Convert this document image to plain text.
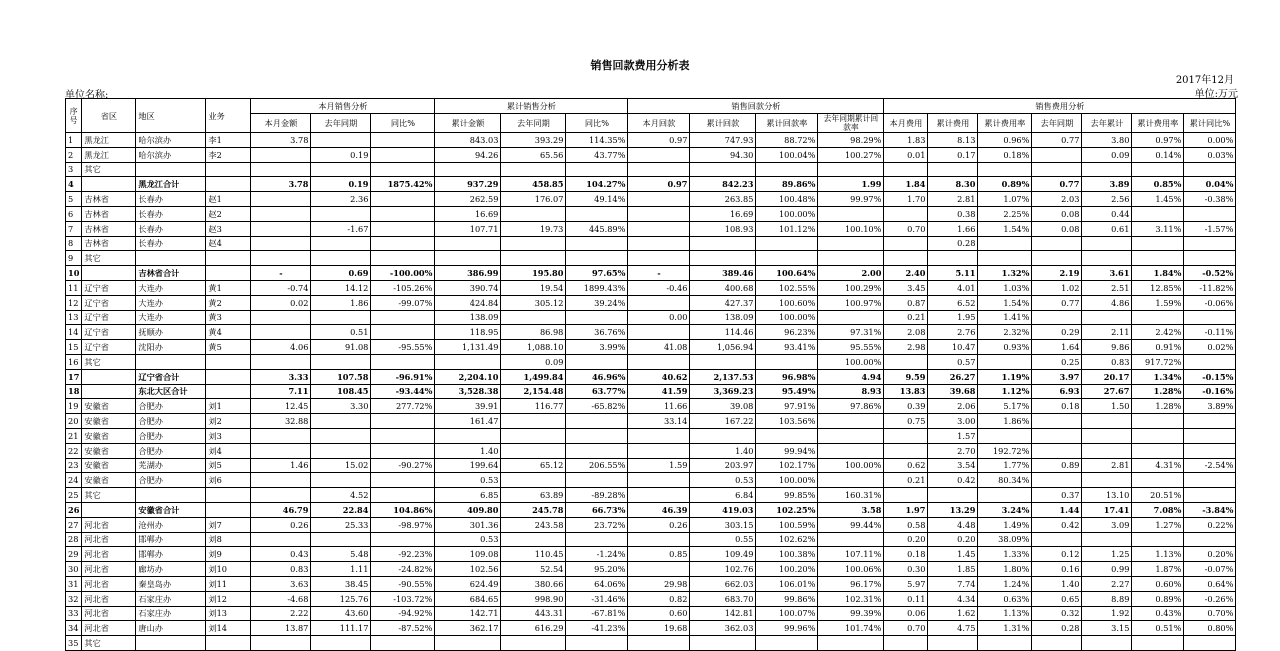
销售回款费用分析表
2017年12月
单位:万元
单位名称:
序号	省区	地区	业务	本月销售分析			累计销售分析			销售回款分析				销售费用分析						
				本月金额	去年同期	同比%	累计金额	去年同期	同比%	本月回款	累计回款	累计回款率	去年同期累计回款率	本月费用	累计费用	累计费用率	去年同期	去年累计	累计费用率	累计同比%
1	黑龙江	哈尔滨办	李1	3.78			843.03	393.29	114.35%	0.97	747.93	88.72%	98.29%	1.83	8.13	0.96%	0.77	3.80	0.97%	0.00%
2	黑龙江	哈尔滨办	李2		0.19		94.26	65.56	43.77%		94.30	100.04%	100.27%	0.01	0.17	0.18%		0.09	0.14%	0.03%
3	其它																			
4		黑龙江合计		3.78	0.19	1875.42%	937.29	458.85	104.27%	0.97	842.23	89.86%	1.99	1.84	8.30	0.89%	0.77	3.89	0.85%	0.04%
5	吉林省	长春办	赵1		2.36		262.59	176.07	49.14%		263.85	100.48%	99.97%	1.70	2.81	1.07%	2.03	2.56	1.45%	-0.38%
6	吉林省	长春办	赵2				16.69				16.69	100.00%			0.38	2.25%	0.08	0.44		
7	吉林省	长春办	赵3		-1.67		107.71	19.73	445.89%		108.93	101.12%	100.10%	0.70	1.66	1.54%	0.08	0.61	3.11%	-1.57%
8	吉林省	长春办	赵4												0.28					
9	其它																			
10		吉林省合计		-	0.69	-100.00%	386.99	195.80	97.65%	-	389.46	100.64%	2.00	2.40	5.11	1.32%	2.19	3.61	1.84%	-0.52%
11	辽宁省	大连办	黄1	-0.74	14.12	-105.26%	390.74	19.54	1899.43%	-0.46	400.68	102.55%	100.29%	3.45	4.01	1.03%	1.02	2.51	12.85%	-11.82%
12	辽宁省	大连办	黄2	0.02	1.86	-99.07%	424.84	305.12	39.24%		427.37	100.60%	100.97%	0.87	6.52	1.54%	0.77	4.86	1.59%	-0.06%
13	辽宁省	大连办	黄3				138.09			0.00	138.09	100.00%		0.21	1.95	1.41%				
14	辽宁省	抚顺办	黄4		0.51		118.95	86.98	36.76%		114.46	96.23%	97.31%	2.08	2.76	2.32%	0.29	2.11	2.42%	-0.11%
15	辽宁省	沈阳办	黄5	4.06	91.08	-95.55%	1,131.49	1,088.10	3.99%	41.08	1,056.94	93.41%	95.55%	2.98	10.47	0.93%	1.64	9.86	0.91%	0.02%
16	其它							0.09					100.00%		0.57		0.25	0.83	917.72%	
17		辽宁省合计		3.33	107.58	-96.91%	2,204.10	1,499.84	46.96%	40.62	2,137.53	96.98%	4.94	9.59	26.27	1.19%	3.97	20.17	1.34%	-0.15%
18		东北大区合计		7.11	108.45	-93.44%	3,528.38	2,154.48	63.77%	41.59	3,369.23	95.49%	8.93	13.83	39.68	1.12%	6.93	27.67	1.28%	-0.16%
19	安徽省	合肥办	刘1	12.45	3.30	277.72%	39.91	116.77	-65.82%	11.66	39.08	97.91%	97.86%	0.39	2.06	5.17%	0.18	1.50	1.28%	3.89%
20	安徽省	合肥办	刘2	32.88			161.47			33.14	167.22	103.56%		0.75	3.00	1.86%				
21	安徽省	合肥办	刘3												1.57					
22	安徽省	合肥办	刘4				1.40				1.40	99.94%			2.70	192.72%				
23	安徽省	芜湖办	刘5	1.46	15.02	-90.27%	199.64	65.12	206.55%	1.59	203.97	102.17%	100.00%	0.62	3.54	1.77%	0.89	2.81	4.31%	-2.54%
24	安徽省	合肥办	刘6				0.53				0.53	100.00%		0.21	0.42	80.34%				
25	其它				4.52		6.85	63.89	-89.28%		6.84	99.85%	160.31%				0.37	13.10	20.51%	
26		安徽省合计		46.79	22.84	104.86%	409.80	245.78	66.73%	46.39	419.03	102.25%	3.58	1.97	13.29	3.24%	1.44	17.41	7.08%	-3.84%
27	河北省	沧州办	刘7	0.26	25.33	-98.97%	301.36	243.58	23.72%	0.26	303.15	100.59%	99.44%	0.58	4.48	1.49%	0.42	3.09	1.27%	0.22%
28	河北省	邯郸办	刘8				0.53				0.55	102.62%		0.20	0.20	38.09%				
29	河北省	邯郸办	刘9	0.43	5.48	-92.23%	109.08	110.45	-1.24%	0.85	109.49	100.38%	107.11%	0.18	1.45	1.33%	0.12	1.25	1.13%	0.20%
30	河北省	廊坊办	刘10	0.83	1.11	-24.82%	102.56	52.54	95.20%		102.76	100.20%	100.06%	0.30	1.85	1.80%	0.16	0.99	1.87%	-0.07%
31	河北省	秦皇岛办	刘11	3.63	38.45	-90.55%	624.49	380.66	64.06%	29.98	662.03	106.01%	96.17%	5.97	7.74	1.24%	1.40	2.27	0.60%	0.64%
32	河北省	石家庄办	刘12	-4.68	125.76	-103.72%	684.65	998.90	-31.46%	0.82	683.70	99.86%	102.31%	0.11	4.34	0.63%	0.65	8.89	0.89%	-0.26%
33	河北省	石家庄办	刘13	2.22	43.60	-94.92%	142.71	443.31	-67.81%	0.60	142.81	100.07%	99.39%	0.06	1.62	1.13%	0.32	1.92	0.43%	0.70%
34	河北省	唐山办	刘14	13.87	111.17	-87.52%	362.17	616.29	-41.23%	19.68	362.03	99.96%	101.74%	0.70	4.75	1.31%	0.28	3.15	0.51%	0.80%
35	其它																			
